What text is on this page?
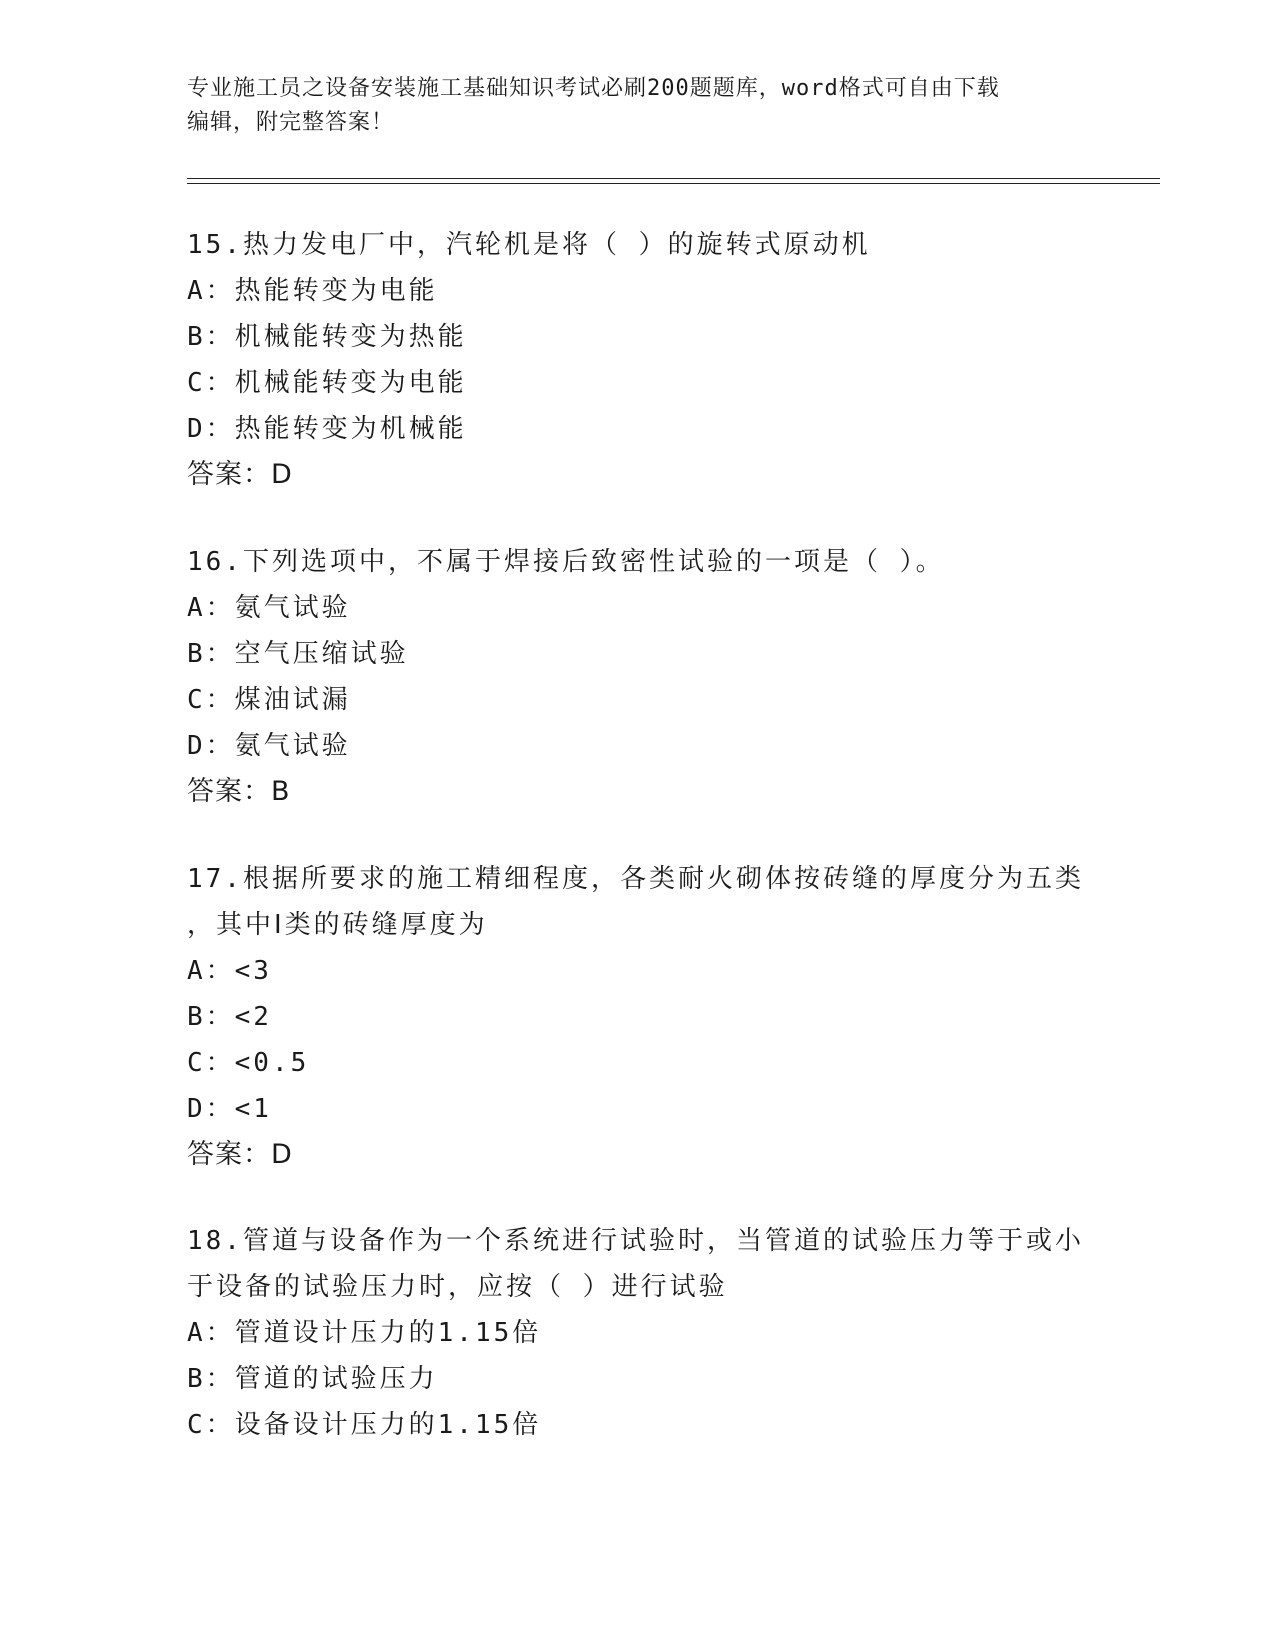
专业施工员之设备安装施工基础知识考试必刷200题题库，word格式可自由下载
编辑，附完整答案！

15.热力发电厂中，汽轮机是将（ ）的旋转式原动机

A：热能转变为电能

B：机械能转变为热能

C：机械能转变为电能

D：热能转变为机械能

答案：D

16.下列选项中，不属于焊接后致密性试验的一项是（ ）。

A：氨气试验

B：空气压缩试验

C：煤油试漏

D：氨气试验

答案：B

17.根据所要求的施工精细程度，各类耐火砌体按砖缝的厚度分为五类

，其中Ⅰ类的砖缝厚度为

A：<3

B：<2

C：<0.5

D：<1

答案：D

18.管道与设备作为一个系统进行试验时，当管道的试验压力等于或小

于设备的试验压力时，应按（ ）进行试验

A：管道设计压力的1.15倍

B：管道的试验压力

C：设备设计压力的1.15倍
